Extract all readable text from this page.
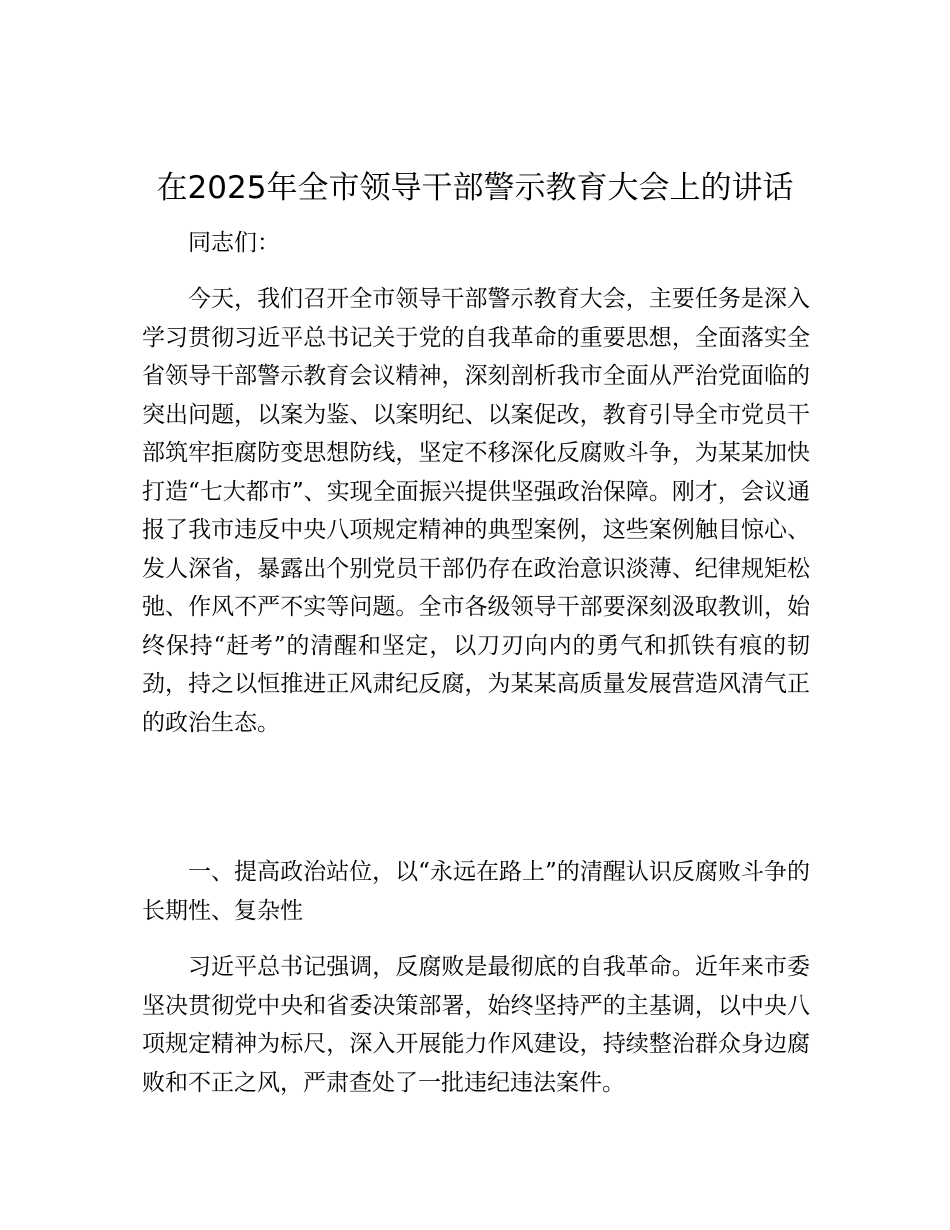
在2025年全市领导干部警示教育大会上的讲话

同志们：

今天，我们召开全市领导干部警示教育大会，主要任务是深入学习贯彻习近平总书记关于党的自我革命的重要思想，全面落实全省领导干部警示教育会议精神，深刻剖析我市全面从严治党面临的突出问题，以案为鉴、以案明纪、以案促改，教育引导全市党员干部筑牢拒腐防变思想防线，坚定不移深化反腐败斗争，为某某加快打造“七大都市”、实现全面振兴提供坚强政治保障。刚才，会议通报了我市违反中央八项规定精神的典型案例，这些案例触目惊心、发人深省，暴露出个别党员干部仍存在政治意识淡薄、纪律规矩松弛、作风不严不实等问题。全市各级领导干部要深刻汲取教训，始终保持“赶考”的清醒和坚定，以刀刃向内的勇气和抓铁有痕的韧劲，持之以恒推进正风肃纪反腐，为某某高质量发展营造风清气正的政治生态。

一、提高政治站位，以“永远在路上”的清醒认识反腐败斗争的长期性、复杂性

习近平总书记强调，反腐败是最彻底的自我革命。近年来市委坚决贯彻党中央和省委决策部署，始终坚持严的主基调，以中央八项规定精神为标尺，深入开展能力作风建设，持续整治群众身边腐败和不正之风，严肃查处了一批违纪违法案件。
